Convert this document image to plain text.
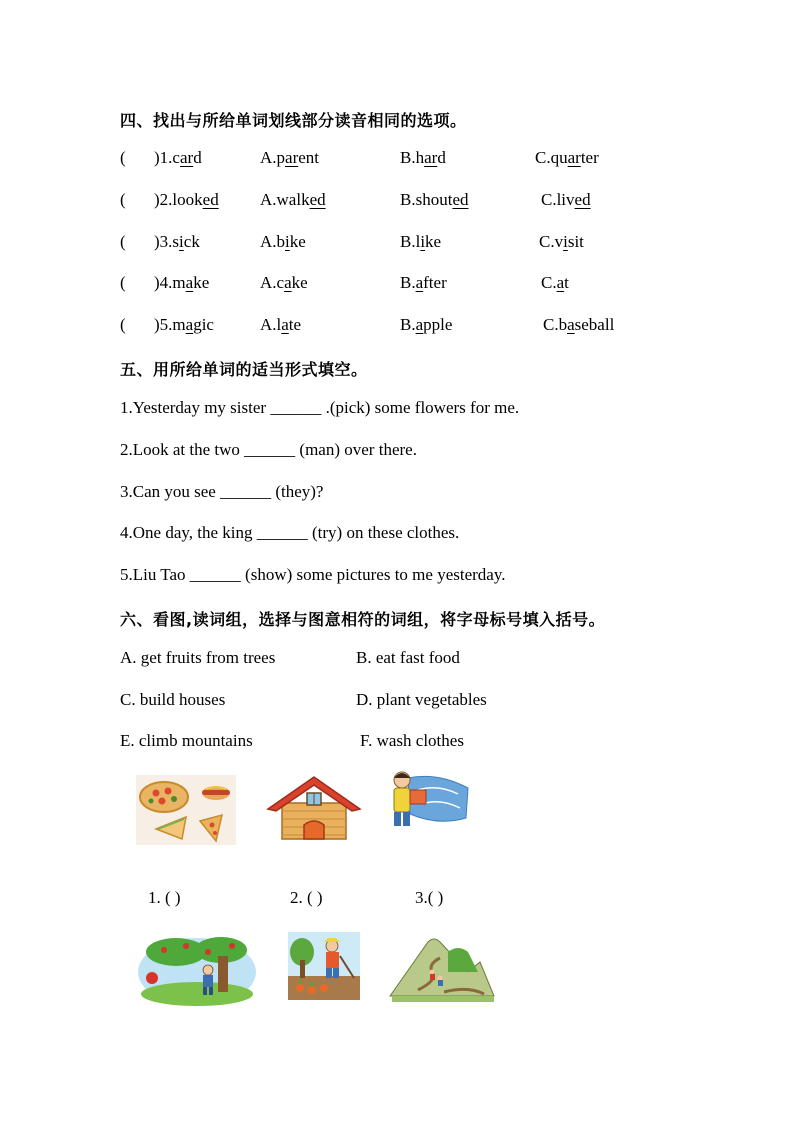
四、找出与所给单词划线部分读音相同的选项。
( )1.card	A.parent	B.hard	C.quarter
( )2.looked A.walked	B.shouted	C.lived
( )3.sick	A.bike	B.like	C.visit
( )4.make	A.cake	B.after	C.at
( )5.magic	A.late	B.apple	C.baseball
五、用所给单词的适当形式填空。
1.Yesterday my sister ______ .(pick) some flowers for me.
2.Look at the two ______ (man) over there.
3.Can you see ______ (they)?
4.One day, the king ______ (try) on these clothes.
5.Liu Tao ______ (show) some pictures to me yesterday.
六、看图,读词组，选择与图意相符的词组，将字母标号填入括号。
A. get fruits from trees	B. eat fast food
C. build houses	D. plant vegetables
E. climb mountains	F. wash clothes
1. ( )	2. ( )	3.( )
